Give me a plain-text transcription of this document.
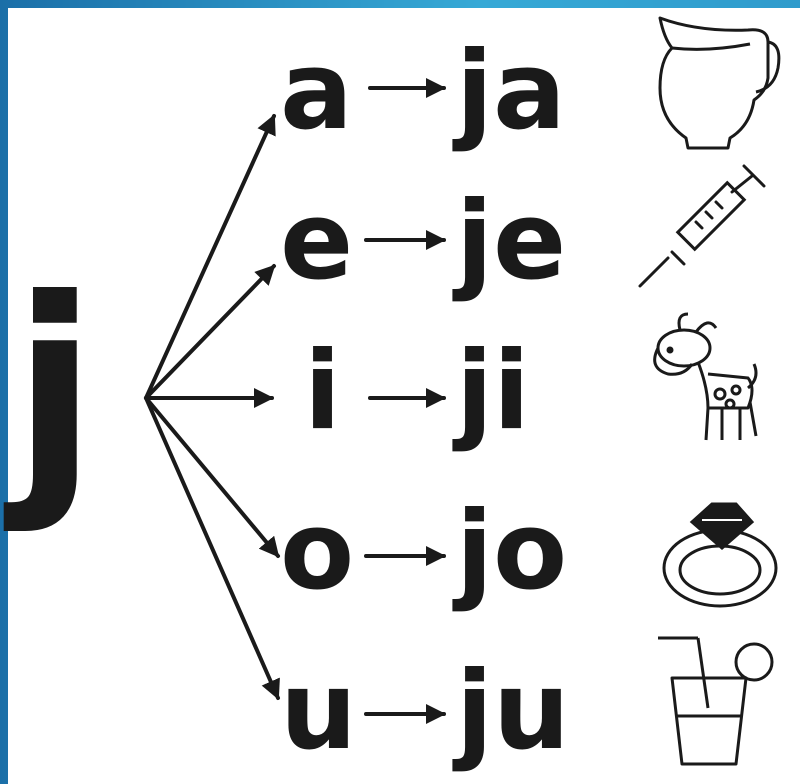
j
a ja
e je
i ji
o jo
u ju
